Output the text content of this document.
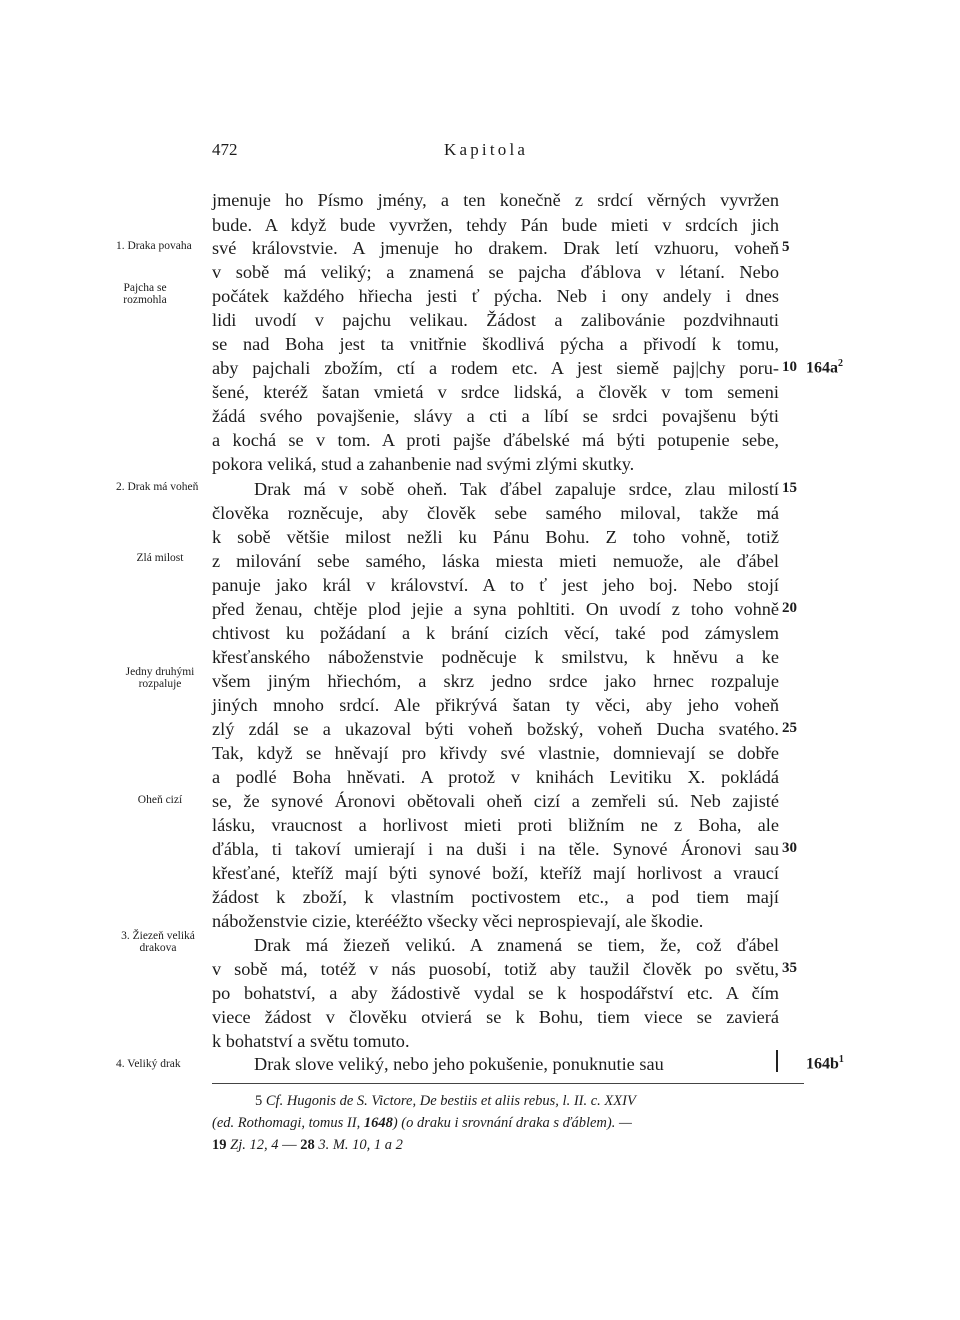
472	Kapitola
jmenuje ho Písmo jmény, a ten konečně z srdcí věrných vyvržen
bude. A když bude vyvržen, tehdy Pán bude mieti v srdcích jich
své královstvie. A jmenuje ho drakem. Drak letí vzhuoru, voheň
v sobě má veliký; a znamená se pajcha ďáblova v létaní. Nebo
počátek každého hřiecha jesti ť pýcha. Neb i ony andely i dnes
lidi uvodí v pajchu velikau. Žádost a zalibovánie pozdvihnauti
se nad Boha jest ta vnitřnie škodlivá pýcha a přivodí k tomu,
aby pajchali zbožím, ctí a rodem etc. A jest siemě paj|chy poru-
šené, kteréž šatan vmietá v srdce lidská, a člověk v tom semeni
žádá svého povajšenie, slávy a cti a líbí se srdci povajšenu býti
a kochá se v tom. A proti pajše ďábelské má býti potupenie sebe,
pokora veliká, stud a zahanbenie nad svými zlými skutky.
Drak má v sobě oheň. Tak ďábel zapaluje srdce, zlau milostí
člověka rozněcuje, aby člověk sebe samého miloval, takže má
k sobě většie milost nežli ku Pánu Bohu. Z toho vohně, totiž
z milování sebe samého, láska miesta mieti nemuože, ale ďábel
panuje jako král v království. A to ť jest jeho boj. Nebo stojí
před ženau, chtěje plod jejie a syna pohltiti. On uvodí z toho vohně
chtivost ku požádaní a k brání cizích věcí, také pod zámyslem
křesťanského náboženstvie podněcuje k smilstvu, k hněvu a ke
všem jiným hřiechóm, a skrz jedno srdce jako hrnec rozpaluje
jiných mnoho srdcí. Ale přikrývá šatan ty věci, aby jeho voheň
zlý zdál se a ukazoval býti voheň božský, voheň Ducha svatého.
Tak, když se hněvají pro křivdy své vlastnie, domnievají se dobře
a podlé Boha hněvati. A protož v knihách Levitiku X. pokládá
se, že synové Áronovi obětovali oheň cizí a zemřeli sú. Neb zajisté
lásku, vraucnost a horlivost mieti proti bližním ne z Boha, ale
ďábla, ti takoví umierají i na duši i na těle. Synové Áronovi sau
křesťané, kteříž mají býti synové boží, kteříž mají horlivost a vraucí
žádost k zboží, k vlastním poctivostem etc., a pod tiem mají
náboženstvie cizie, kterééžto všecky věci neprospievají, ale škodie.
Drak má žiezeň velikú. A znamená se tiem, že, což ďábel
v sobě má, totéž v nás puosobí, totiž aby taužil člověk po světu,
po bohatství, a aby žádostivě vydal se k hospodářství etc. A čím
viece žádost v člověku otvierá se k Bohu, tiem viece se zavierá
k bohatství a světu tomuto.
Drak slove veliký, nebo jeho pokušenie, ponuknutie sau
5
10
15
20
25
30
35
$164a^2$
$164b^1$
1. Draka povaha
Pajcha se rozmohla
2. Drak má voheň
Zlá milost
Jedny druhými rozpaluje
Oheň cizí
3. Žiezeň veliká drakova
4. Veliký drak
5 Cf. Hugonis de S. Victore, De bestiis et aliis rebus, l. II. c. XXIV
(ed. Rothomagi, tomus II, 1648) (o draku i srovnání draka s ďáblem). —
19 Zj. 12, 4 — 28 3. M. 10, 1 a 2
